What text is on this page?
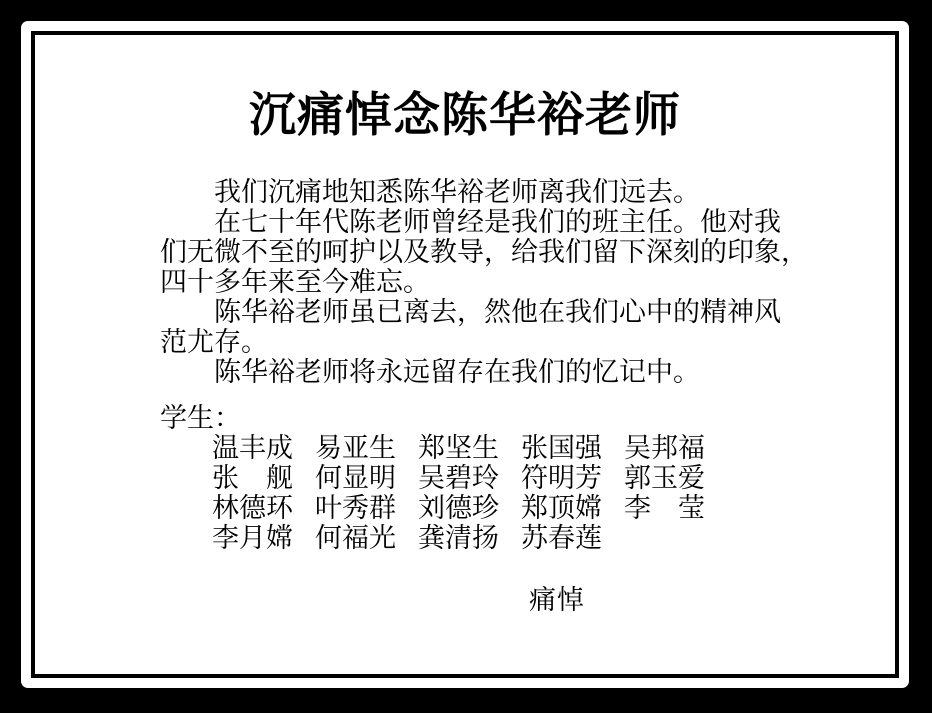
沉痛悼念陈华裕老师
　　我们沉痛地知悉陈华裕老师离我们远去。
　　在七十年代陈老师曾经是我们的班主任。他对我
们无微不至的呵护以及教导，给我们留下深刻的印象，
四十多年来至今难忘。
　　陈华裕老师虽已离去，然他在我们心中的精神风
范尤存。
　　陈华裕老师将永远留存在我们的忆记中。
学生：
温丰成 易亚生 郑坚生 张国强 吴邦福
张　舰 何显明 吴碧玲 符明芳 郭玉爱
林德环 叶秀群 刘德珍 郑顶嫦 李　莹
李月嫦 何福光 龚清扬 苏春莲
痛悼
